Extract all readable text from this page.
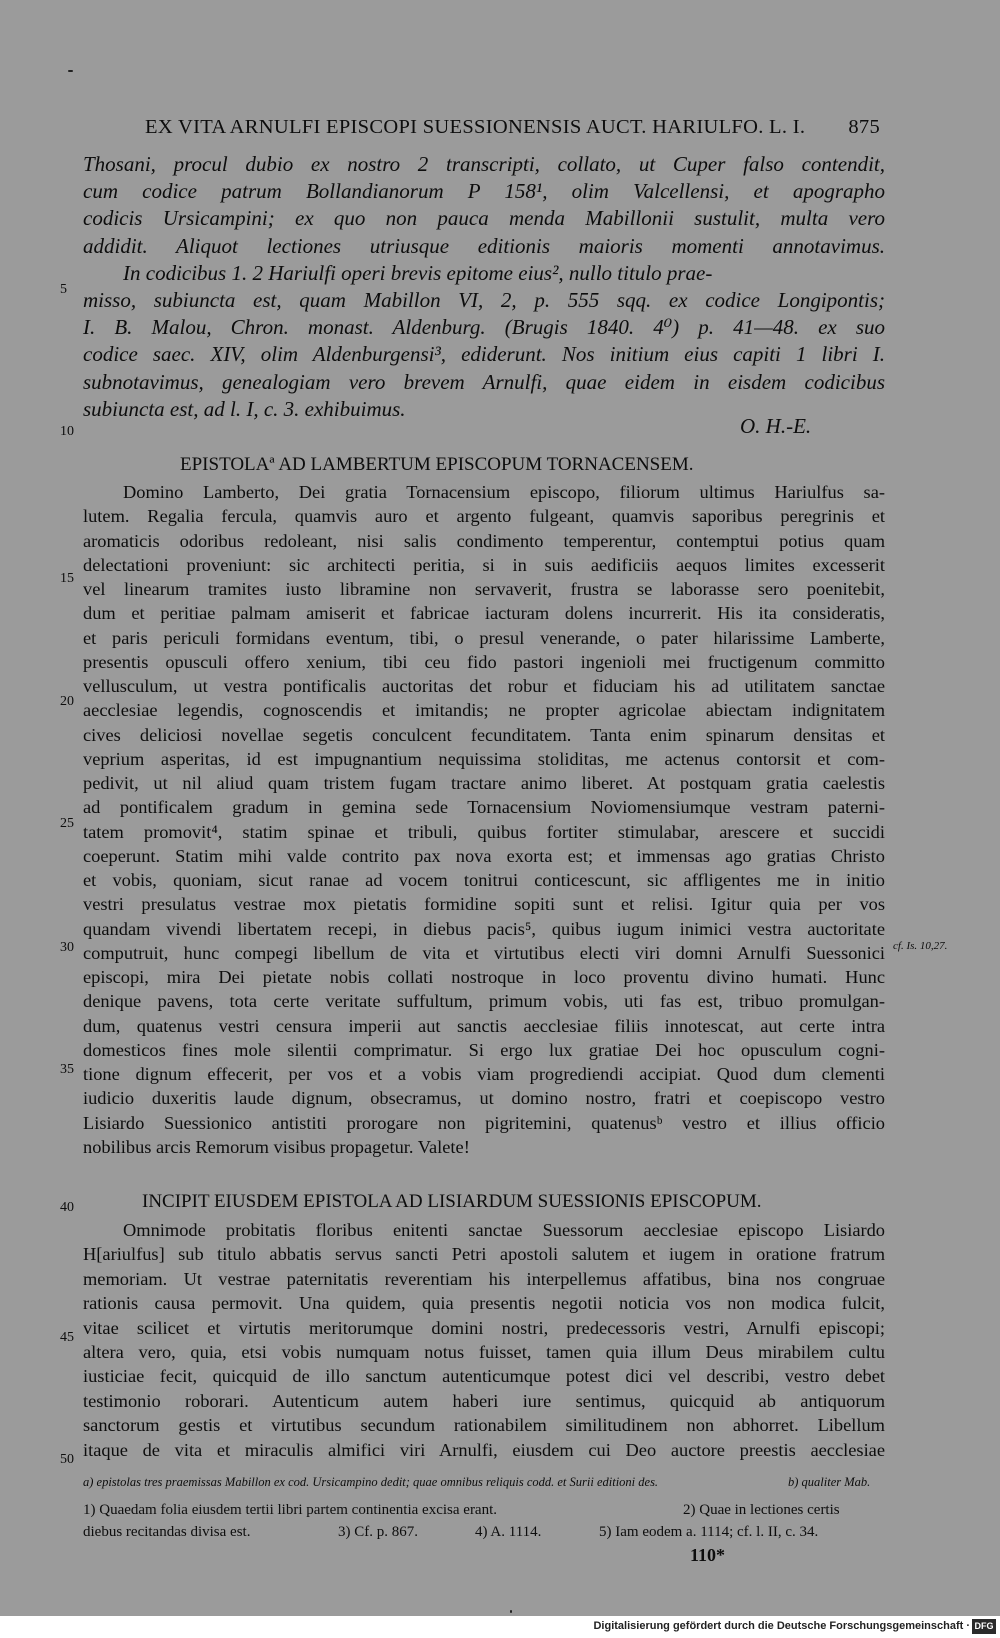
EX VITA ARNULFI EPISCOPI SUESSIONENSIS AUCT. HARIULFO. L. I. 875
Thosani, procul dubio ex nostro 2 transcripti, collato, ut Cuper falso contendit,
cum codice patrum Bollandianorum P 158¹, olim Valcellensi, et apographo
codicis Ursicampini; ex quo non pauca menda Mabillonii sustulit, multa vero
addidit. Aliquot lectiones utriusque editionis maioris momenti annotavimus.
In codicibus 1. 2 Hariulfi operi brevis epitome eius², nullo titulo prae-
misso, subiuncta est, quam Mabillon VI, 2, p. 555 sqq. ex codice Longipontis;
I. B. Malou, Chron. monast. Aldenburg. (Brugis 1840. 4⁰) p. 41—48. ex suo
codice saec. XIV, olim Aldenburgensi³, ediderunt. Nos initium eius capiti 1 libri I.
subnotavimus, genealogiam vero brevem Arnulfi, quae eidem in eisdem codicibus
subiuncta est, ad l. I, c. 3. exhibuimus.
O. H.-E.
EPISTOLAª AD LAMBERTUM EPISCOPUM TORNACENSEM.
Domino Lamberto, Dei gratia Tornacensium episcopo, filiorum ultimus Hariulfus sa-
lutem. Regalia fercula, quamvis auro et argento fulgeant, quamvis saporibus peregrinis et
aromaticis odoribus redoleant, nisi salis condimento temperentur, contemptui potius quam
delectationi proveniunt: sic architecti peritia, si in suis aedificiis aequos limites excesserit
vel linearum tramites iusto libramine non servaverit, frustra se laborasse sero poenitebit,
dum et peritiae palmam amiserit et fabricae iacturam dolens incurrerit. His ita consideratis,
et paris periculi formidans eventum, tibi, o presul venerande, o pater hilarissime Lamberte,
presentis opusculi offero xenium, tibi ceu fido pastori ingenioli mei fructigenum committo
vellusculum, ut vestra pontificalis auctoritas det robur et fiduciam his ad utilitatem sanctae
aecclesiae legendis, cognoscendis et imitandis; ne propter agricolae abiectam indignitatem
cives deliciosi novellae segetis conculcent fecunditatem. Tanta enim spinarum densitas et
veprium asperitas, id est impugnantium nequissima stoliditas, me actenus contorsit et com-
pedivit, ut nil aliud quam tristem fugam tractare animo liberet. At postquam gratia caelestis
ad pontificalem gradum in gemina sede Tornacensium Noviomensiumque vestram paterni-
tatem promovit⁴, statim spinae et tribuli, quibus fortiter stimulabar, arescere et succidi
coeperunt. Statim mihi valde contrito pax nova exorta est; et immensas ago gratias Christo
et vobis, quoniam, sicut ranae ad vocem tonitrui conticescunt, sic affligentes me in initio
vestri presulatus vestrae mox pietatis formidine sopiti sunt et relisi. Igitur quia per vos
quandam vivendi libertatem recepi, in diebus pacis⁵, quibus iugum inimici vestra auctoritate
computruit, hunc compegi libellum de vita et virtutibus electi viri domni Arnulfi Suessonici
episcopi, mira Dei pietate nobis collati nostroque in loco proventu divino humati. Hunc
denique pavens, tota certe veritate suffultum, primum vobis, uti fas est, tribuo promulgan-
dum, quatenus vestri censura imperii aut sanctis aecclesiae filiis innotescat, aut certe intra
domesticos fines mole silentii comprimatur. Si ergo lux gratiae Dei hoc opusculum cogni-
tione dignum effecerit, per vos et a vobis viam progrediendi accipiat. Quod dum clementi
iudicio duxeritis laude dignum, obsecramus, ut domino nostro, fratri et coepiscopo vestro
Lisiardo Suessionico antistiti prorogare non pigritemini, quatenusᵇ vestro et illius officio
nobilibus arcis Remorum visibus propagetur. Valete!
INCIPIT EIUSDEM EPISTOLA AD LISIARDUM SUESSIONIS EPISCOPUM.
Omnimode probitatis floribus enitenti sanctae Suessorum aecclesiae episcopo Lisiardo
H[ariulfus] sub titulo abbatis servus sancti Petri apostoli salutem et iugem in oratione fratrum
memoriam. Ut vestrae paternitatis reverentiam his interpellemus affatibus, bina nos congruae
rationis causa permovit. Una quidem, quia presentis negotii noticia vos non modica fulcit,
vitae scilicet et virtutis meritorumque domini nostri, predecessoris vestri, Arnulfi episcopi;
altera vero, quia, etsi vobis numquam notus fuisset, tamen quia illum Deus mirabilem cultu
iusticiae fecit, quicquid de illo sanctum autenticumque potest dici vel describi, vestro debet
testimonio roborari. Autenticum autem haberi iure sentimus, quicquid ab antiquorum
sanctorum gestis et virtutibus secundum rationabilem similitudinem non abhorret. Libellum
itaque de vita et miraculis almifici viri Arnulfi, eiusdem cui Deo auctore preestis aecclesiae
5
10
15
20
25
30
35
40
45
50
cf. Is. 10,27.
a) epistolas tres praemissas Mabillon ex cod. Ursicampino dedit; quae omnibus reliquis codd. et Surii editioni des.	b) qualiter Mab.
1) Quaedam folia eiusdem tertii libri partem continentia excisa erant.	2) Quae in lectiones certis
diebus recitandas divisa est.	3) Cf. p. 867.	4) A. 1114.	5) Iam eodem a. 1114; cf. l. II, c. 34.
110*
Digitalisierung gefördert durch die Deutsche Forschungsgemeinschaft · DFG
